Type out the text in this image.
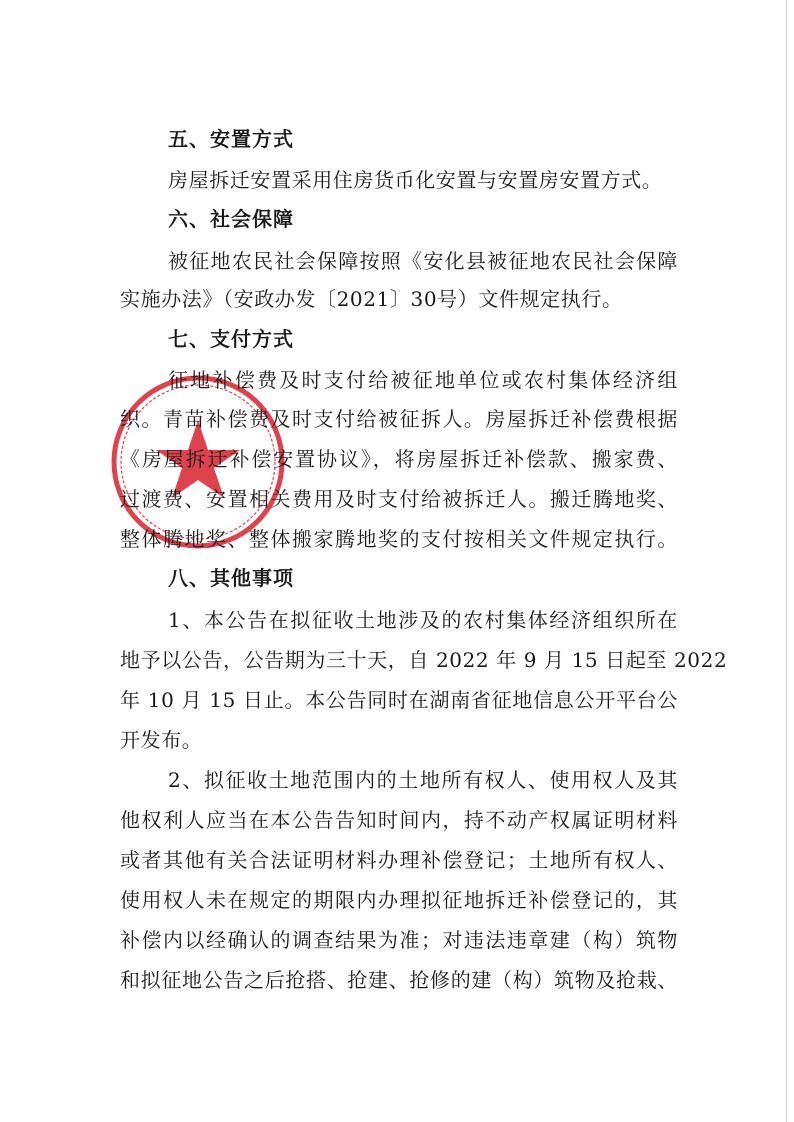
五、安置方式
房屋拆迁安置采用住房货币化安置与安置房安置方式。
六、社会保障
被征地农民社会保障按照《安化县被征地农民社会保障
实施办法》（安政办发〔2021〕30号）文件规定执行。
七、支付方式
征地补偿费及时支付给被征地单位或农村集体经济组
织。青苗补偿费及时支付给被征拆人。房屋拆迁补偿费根据
《房屋拆迁补偿安置协议》，将房屋拆迁补偿款、搬家费、
过渡费、安置相关费用及时支付给被拆迁人。搬迁腾地奖、
整体腾地奖、整体搬家腾地奖的支付按相关文件规定执行。
八、其他事项
1、本公告在拟征收土地涉及的农村集体经济组织所在
地予以公告，公告期为三十天，自 2022 年 9 月 15 日起至 2022
年 10 月 15 日止。本公告同时在湖南省征地信息公开平台公
开发布。
2、拟征收土地范围内的土地所有权人、使用权人及其
他权利人应当在本公告告知时间内，持不动产权属证明材料
或者其他有关合法证明材料办理补偿登记；土地所有权人、
使用权人未在规定的期限内办理拟征地拆迁补偿登记的，其
补偿内以经确认的调查结果为准；对违法违章建（构）筑物
和拟征地公告之后抢搭、抢建、抢修的建（构）筑物及抢栽、
